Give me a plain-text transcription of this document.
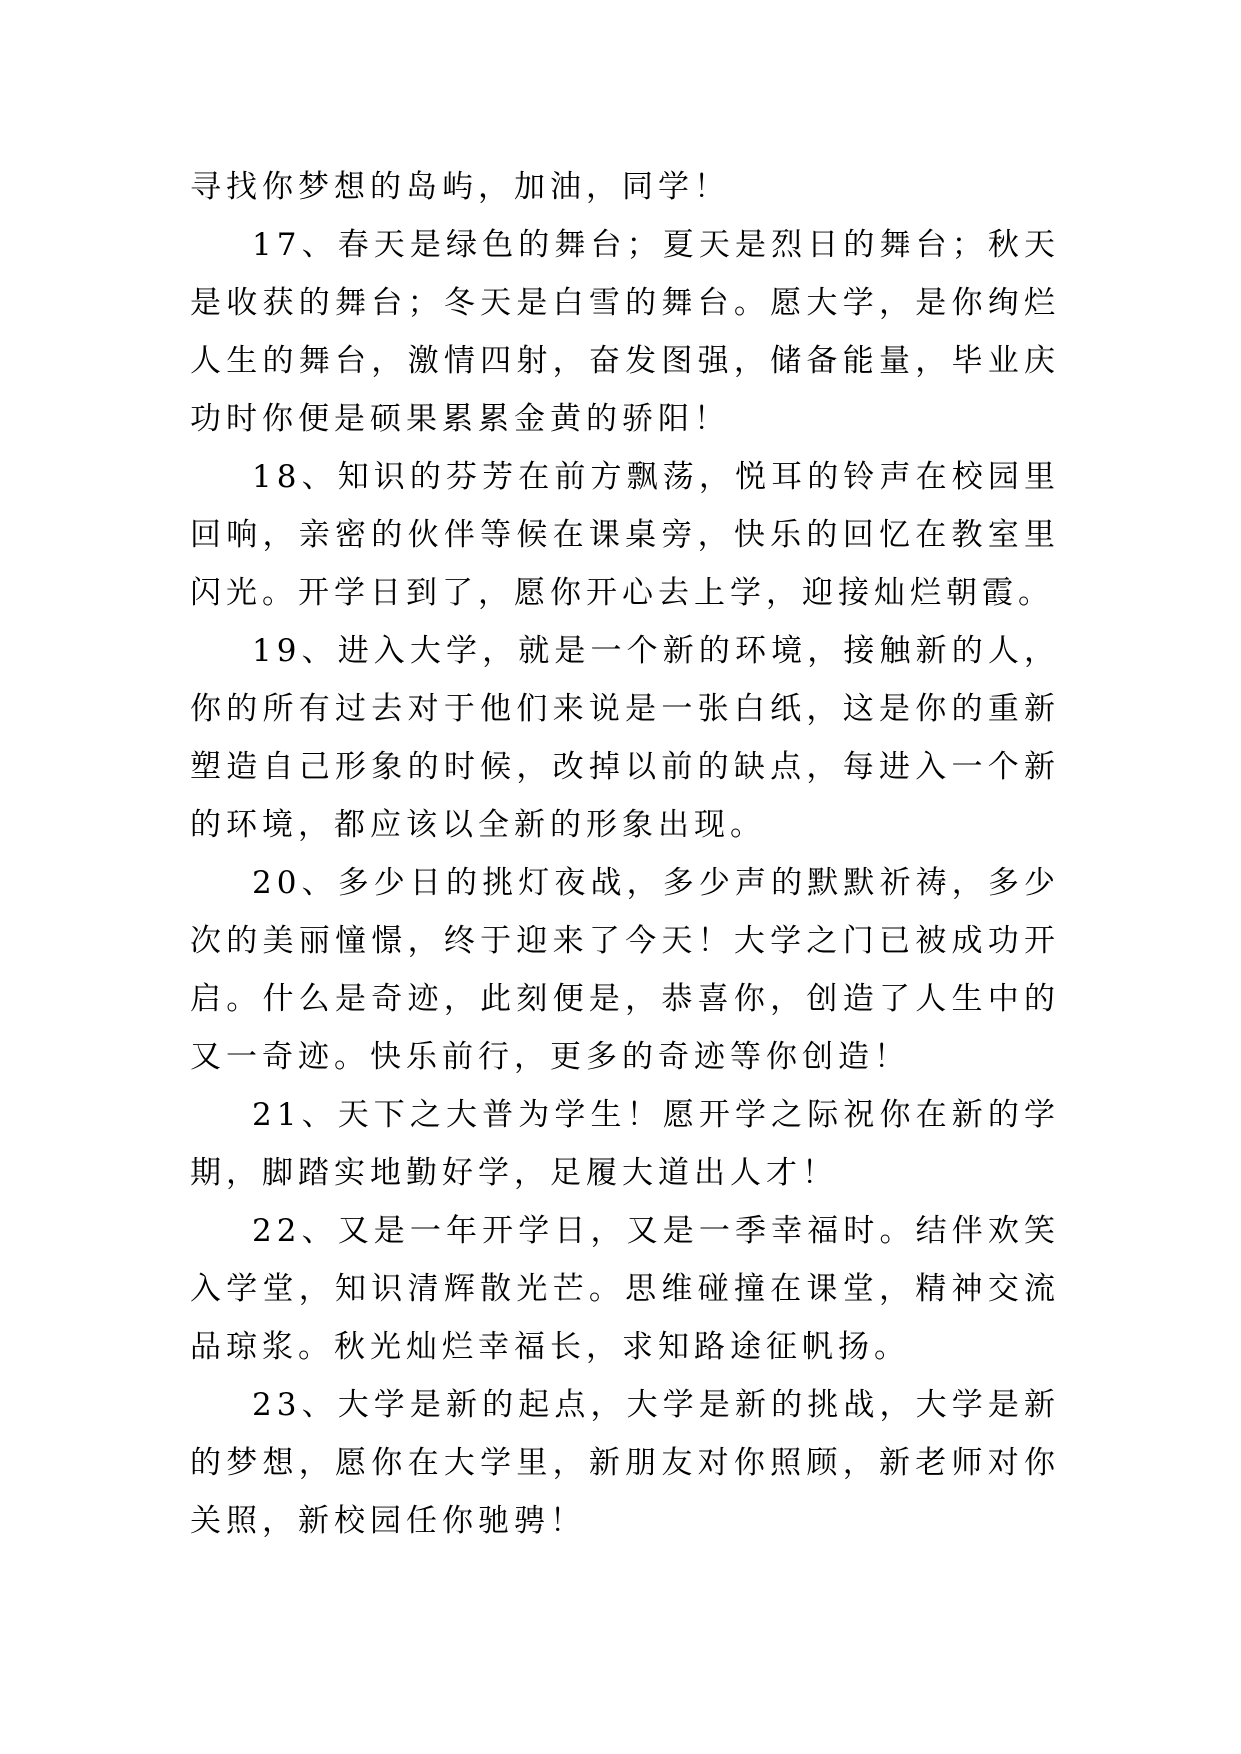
寻找你梦想的岛屿，加油，同学！

17、春天是绿色的舞台；夏天是烈日的舞台；秋天是收获的舞台；冬天是白雪的舞台。愿大学，是你绚烂人生的舞台，激情四射，奋发图强，储备能量，毕业庆功时你便是硕果累累金黄的骄阳！

18、知识的芬芳在前方飘荡，悦耳的铃声在校园里回响，亲密的伙伴等候在课桌旁，快乐的回忆在教室里闪光。开学日到了，愿你开心去上学，迎接灿烂朝霞。

19、进入大学，就是一个新的环境，接触新的人，你的所有过去对于他们来说是一张白纸，这是你的重新塑造自己形象的时候，改掉以前的缺点，每进入一个新的环境，都应该以全新的形象出现。

20、多少日的挑灯夜战，多少声的默默祈祷，多少次的美丽憧憬，终于迎来了今天！大学之门已被成功开启。什么是奇迹，此刻便是，恭喜你，创造了人生中的又一奇迹。快乐前行，更多的奇迹等你创造！

21、天下之大普为学生！愿开学之际祝你在新的学期，脚踏实地勤好学，足履大道出人才！

22、又是一年开学日，又是一季幸福时。结伴欢笑入学堂，知识清辉散光芒。思维碰撞在课堂，精神交流品琼浆。秋光灿烂幸福长，求知路途征帆扬。

23、大学是新的起点，大学是新的挑战，大学是新的梦想，愿你在大学里，新朋友对你照顾，新老师对你关照，新校园任你驰骋！
